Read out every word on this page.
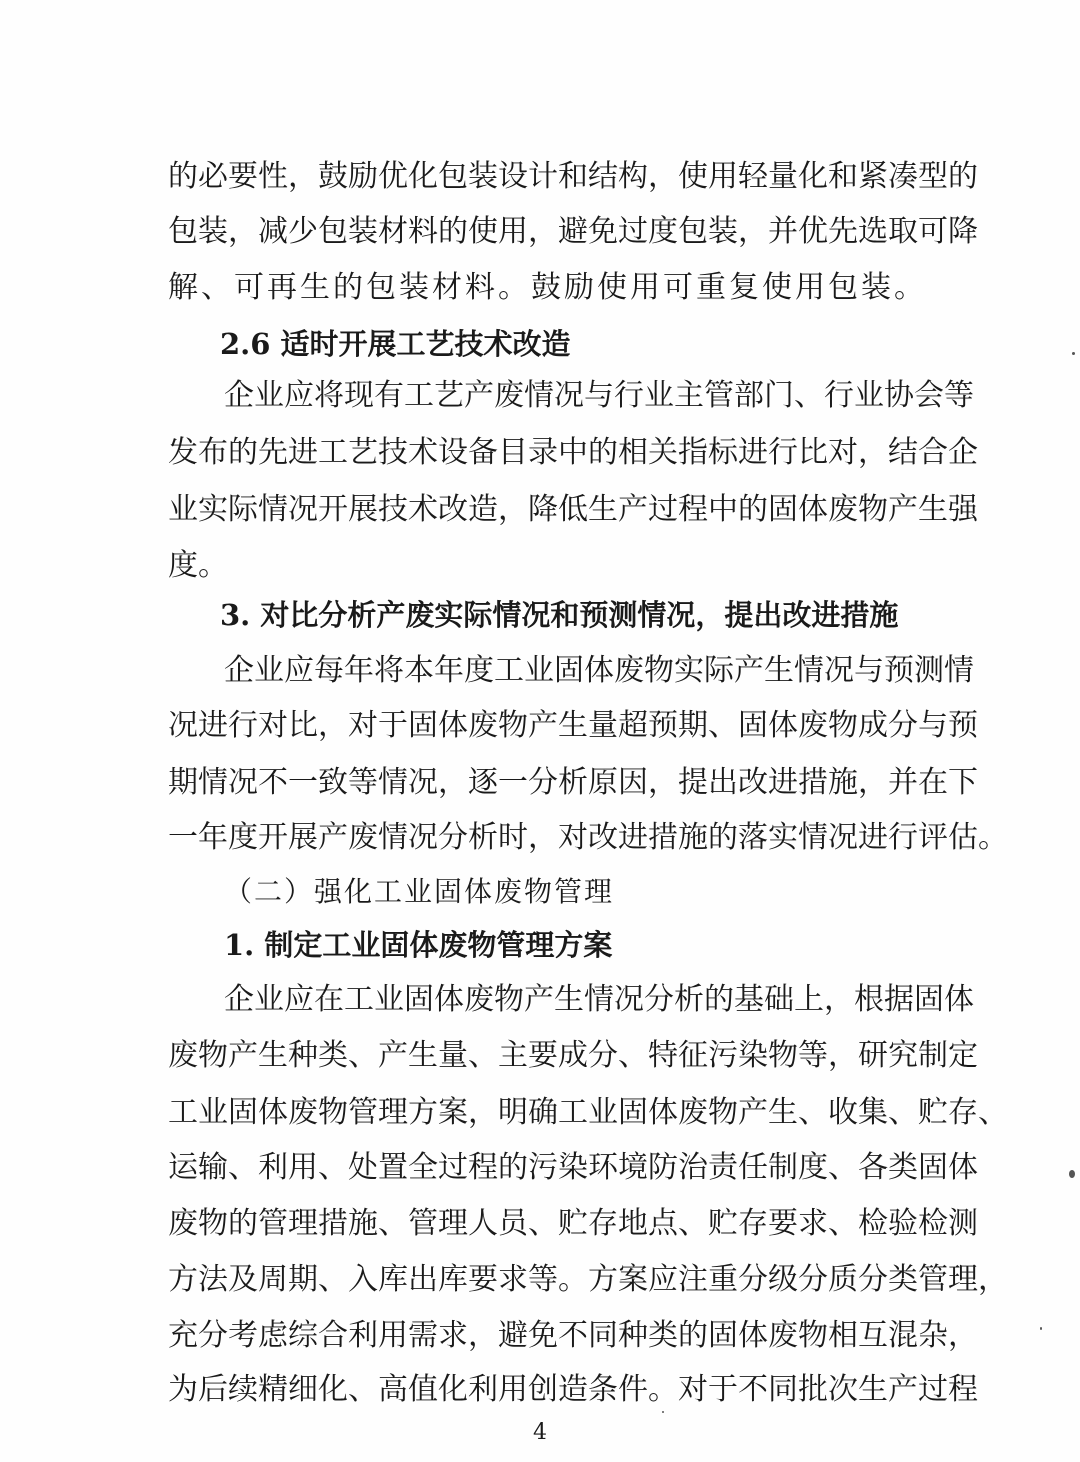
的必要性，鼓励优化包装设计和结构，使用轻量化和紧凑型的
包装，减少包装材料的使用，避免过度包装，并优先选取可降
解、可再生的包装材料。鼓励使用可重复使用包装。
2.6 适时开展工艺技术改造
企业应将现有工艺产废情况与行业主管部门、行业协会等
发布的先进工艺技术设备目录中的相关指标进行比对，结合企
业实际情况开展技术改造，降低生产过程中的固体废物产生强
度。
3. 对比分析产废实际情况和预测情况，提出改进措施
企业应每年将本年度工业固体废物实际产生情况与预测情
况进行对比，对于固体废物产生量超预期、固体废物成分与预
期情况不一致等情况，逐一分析原因，提出改进措施，并在下
一年度开展产废情况分析时，对改进措施的落实情况进行评估。
（二）强化工业固体废物管理
1. 制定工业固体废物管理方案
企业应在工业固体废物产生情况分析的基础上，根据固体
废物产生种类、产生量、主要成分、特征污染物等，研究制定
工业固体废物管理方案，明确工业固体废物产生、收集、贮存、
运输、利用、处置全过程的污染环境防治责任制度、各类固体
废物的管理措施、管理人员、贮存地点、贮存要求、检验检测
方法及周期、入库出库要求等。方案应注重分级分质分类管理，
充分考虑综合利用需求，避免不同种类的固体废物相互混杂，
为后续精细化、高值化利用创造条件。对于不同批次生产过程
4
